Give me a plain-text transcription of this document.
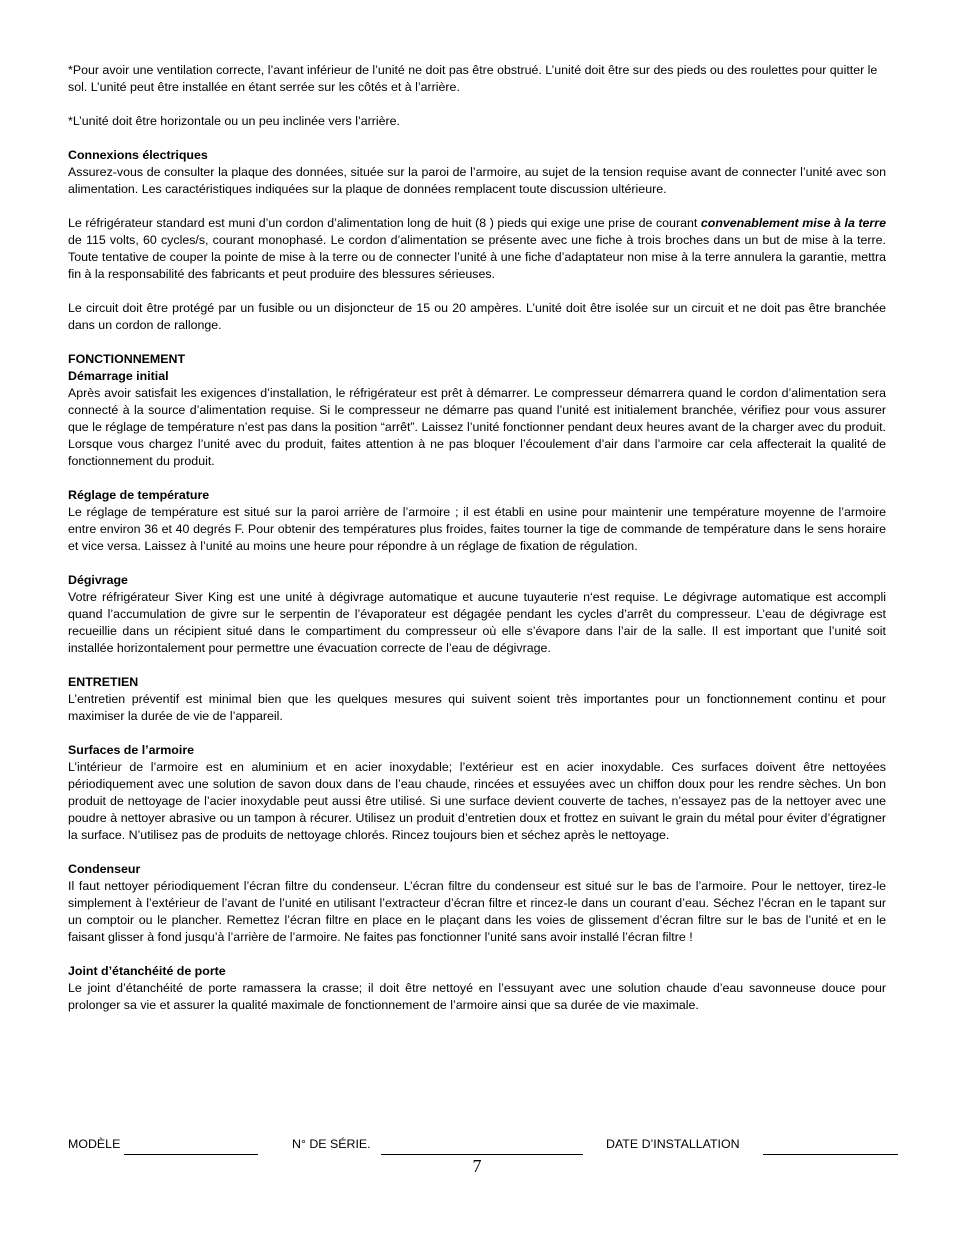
*Pour avoir une ventilation correcte, l’avant inférieur de l’unité ne doit pas être obstrué. L’unité doit être sur des pieds ou des roulettes pour quitter le sol. L’unité peut être installée en étant serrée sur les côtés et à l’arrière.

*L’unité doit être horizontale ou un peu inclinée vers l’arrière.

Connexions électriques

Assurez-vous de consulter la plaque des données, située sur la paroi de l’armoire, au sujet de la tension requise avant de connecter l’unité avec son alimentation. Les caractéristiques indiquées sur la plaque de données remplacent toute discussion ultérieure.

Le réfrigérateur standard est muni d’un cordon d’alimentation long de huit (8 ) pieds qui exige une prise de courant convenablement mise à la terre de 115 volts, 60 cycles/s, courant monophasé. Le cordon d’alimentation se présente avec une fiche à trois broches dans un but de mise à la terre. Toute tentative de couper la pointe de mise à la terre ou de connecter l’unité à une fiche d’adaptateur non mise à la terre annulera la garantie, mettra fin à la responsabilité des fabricants et peut produire des blessures sérieuses.

Le circuit doit être protégé par un fusible ou un disjoncteur de 15 ou 20 ampères. L’unité doit être isolée sur un circuit et ne doit pas être branchée dans un cordon de rallonge.

FONCTIONNEMENT
Démarrage initial

Après avoir satisfait les exigences d’installation, le réfrigérateur est prêt à démarrer. Le compresseur démarrera quand le cordon d’alimentation sera connecté à la source d’alimentation requise. Si le compresseur ne démarre pas quand l’unité est initialement branchée, vérifiez pour vous assurer que le réglage de température n’est pas dans la position “arrêt”. Laissez l’unité fonctionner pendant deux heures avant de la charger avec du produit. Lorsque vous chargez l’unité avec du produit, faites attention à ne pas bloquer l’écoulement d’air dans l’armoire car cela affecterait la qualité de fonctionnement du produit.

Réglage de température

Le réglage de température est situé sur la paroi arrière de l’armoire ; il est établi en usine pour maintenir une température moyenne de l’armoire entre environ 36 et 40 degrés F. Pour obtenir des températures plus froides, faites tourner la tige de commande de température dans le sens horaire et vice versa. Laissez à l’unité au moins une heure pour répondre à un réglage de fixation de régulation.

Dégivrage

Votre réfrigérateur Siver King est une unité à dégivrage automatique et aucune tuyauterie n‘est requise. Le dégivrage automatique est accompli quand l’accumulation de givre sur le serpentin de l’évaporateur est dégagée pendant les cycles d’arrêt du compresseur. L’eau de dégivrage est recueillie dans un récipient situé dans le compartiment du compresseur où elle s’évapore dans l’air de la salle. Il est important que l’unité soit installée horizontalement pour permettre une évacuation correcte de l’eau de dégivrage.

ENTRETIEN

L’entretien préventif est minimal bien que les quelques mesures qui suivent soient très importantes pour un fonctionnement continu et pour maximiser la durée de vie de l’appareil.

Surfaces de l’armoire

L’intérieur de l’armoire est en aluminium et en acier inoxydable; l’extérieur est en acier inoxydable. Ces surfaces doivent être nettoyées périodiquement avec une solution de savon doux dans de l’eau chaude, rincées et essuyées avec un chiffon doux pour les rendre sèches. Un bon produit de nettoyage de l’acier inoxydable peut aussi être utilisé. Si une surface devient couverte de taches, n’essayez pas de la nettoyer avec une poudre à nettoyer abrasive ou un tampon à récurer. Utilisez un produit d’entretien doux et frottez en suivant le grain du métal pour éviter d’égratigner la surface. N’utilisez pas de produits de nettoyage chlorés. Rincez toujours bien et séchez après le nettoyage.

Condenseur

Il faut nettoyer périodiquement l’écran filtre du condenseur. L’écran filtre du condenseur est situé sur le bas de l’armoire. Pour le nettoyer, tirez-le simplement à l’extérieur de l’avant de l’unité en utilisant l’extracteur d’écran filtre et rincez-le dans un courant d’eau. Séchez l’écran en le tapant sur un comptoir ou le plancher. Remettez l’écran filtre en place en le plaçant dans les voies de glissement d’écran filtre sur le bas de l’unité et en le faisant glisser à fond jusqu’à l’arrière de l’armoire. Ne faites pas fonctionner l’unité sans avoir installé l’écran filtre !

Joint d’étanchéité de porte

Le joint d’étanchéité de porte ramassera la crasse; il doit être nettoyé en l’essuyant avec une solution chaude d’eau savonneuse douce pour prolonger sa vie et assurer la qualité maximale de fonctionnement de l’armoire ainsi que sa durée de vie maximale.

MODÈLE	N° DE SÉRIE.	DATE D’INSTALLATION
7
